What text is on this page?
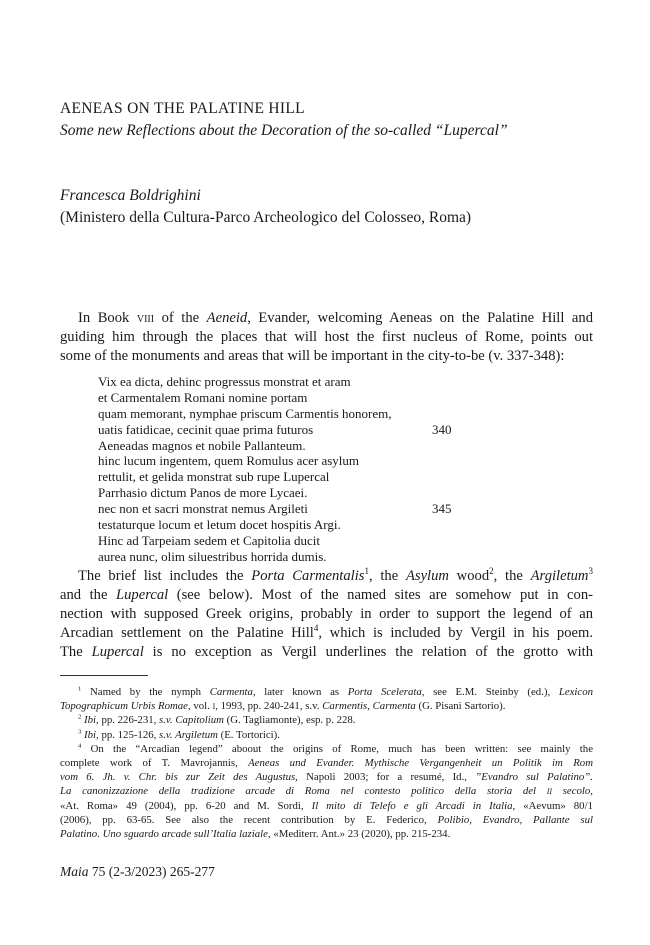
AENEAS ON THE PALATINE HILL
Some new Reflections about the Decoration of the so-called “Lupercal”
Francesca Boldrighini
(Ministero della Cultura-Parco Archeologico del Colosseo, Roma)
In Book viii of the Aeneid, Evander, welcoming Aeneas on the Palatine Hill and
guiding him through the places that will host the first nucleus of Rome, points out
some of the monuments and areas that will be important in the city-to-be (v. 337-348):
Vix ea dicta, dehinc progressus monstrat et aram
et Carmentalem Romani nomine portam
quam memorant, nymphae priscum Carmentis honorem,
uatis fatidicae, cecinit quae prima futuros	340
Aeneadas magnos et nobile Pallanteum.
hinc lucum ingentem, quem Romulus acer asylum
rettulit, et gelida monstrat sub rupe Lupercal
Parrhasio dictum Panos de more Lycaei.
nec non et sacri monstrat nemus Argileti	345
testaturque locum et letum docet hospitis Argi.
Hinc ad Tarpeiam sedem et Capitolia ducit
aurea nunc, olim siluestribus horrida dumis.
The brief list includes the Porta Carmentalis$^1$, the Asylum wood$^2$, the Argiletum$^3$
and the Lupercal (see below). Most of the named sites are somehow put in con-
nection with supposed Greek origins, probably in order to support the legend of an
Arcadian settlement on the Palatine Hill$^4$, which is included by Vergil in his poem.
The Lupercal is no exception as Vergil underlines the relation of the grotto with
$^1$ Named by the nymph Carmenta, later known as Porta Scelerata, see E.M. Steinby (ed.), Lexicon
Topographicum Urbis Romae, vol. i, 1993, pp. 240-241, s.v. Carmentis, Carmenta (G. Pisani Sartorio).
$^2$ Ibi, pp. 226-231, s.v. Capitolium (G. Tagliamonte), esp. p. 228.
$^3$ Ibi, pp. 125-126, s.v. Argiletum (E. Tortorici).
$^4$ On the “Arcadian legend” aboout the origins of Rome, much has been written: see mainly the
complete work of T. Mavrojannis, Aeneas und Evander. Mythische Vergangenheit un Politik im Rom
vom 6. Jh. v. Chr. bis zur Zeit des Augustus, Napoli 2003; for a resumé, Id., ”Evandro sul Palatino”.
La canonizzazione della tradizione arcade di Roma nel contesto politico della storia del ii secolo,
«At. Roma» 49 (2004), pp. 6-20 and M. Sordi, Il mito di Telefo e gli Arcadi in Italia, «Aevum» 80/1
(2006), pp. 63-65. See also the recent contribution by E. Federico, Polibio, Evandro, Pallante sul
Palatino. Uno sguardo arcade sull’Italia laziale, «Mediterr. Ant.» 23 (2020), pp. 215-234.
Maia 75 (2-3/2023) 265-277
